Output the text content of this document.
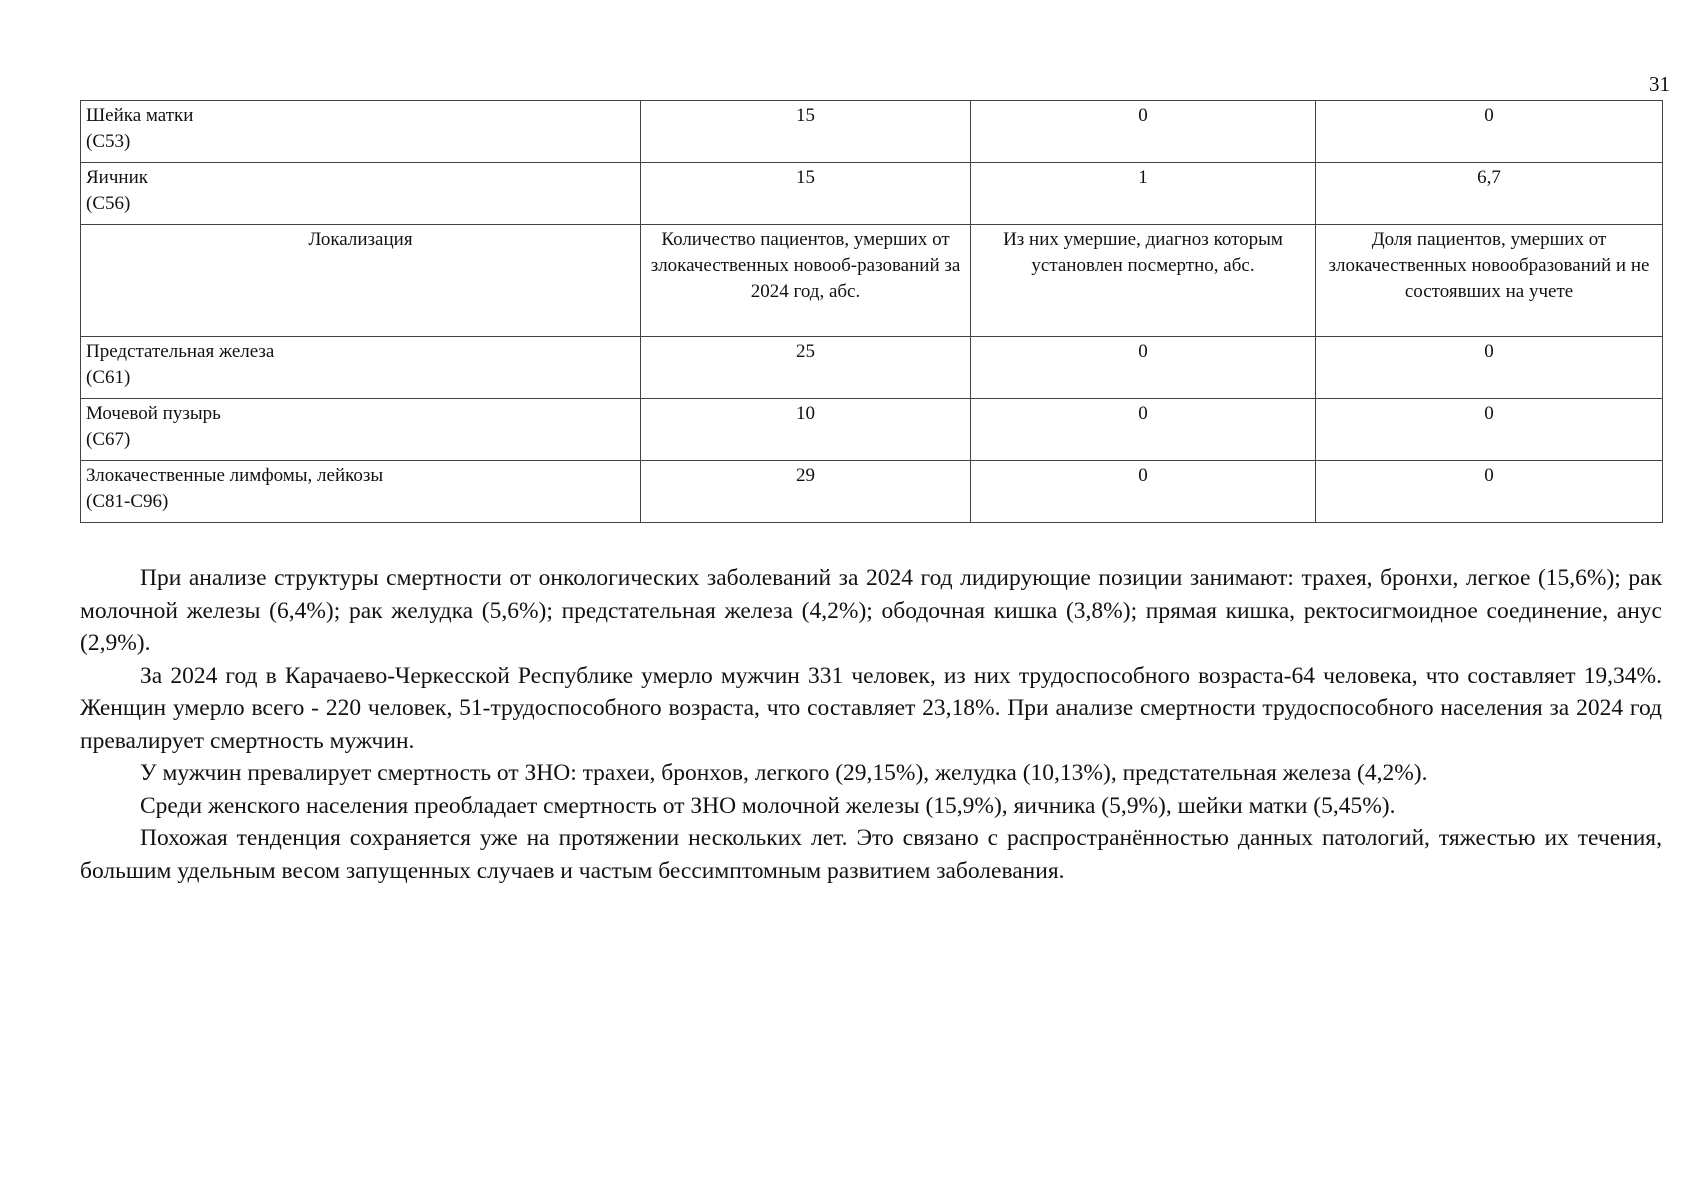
31
Шейка матки
(С53)	15	0	0

Яичник
(С56)	15	1	6,7
Локализация	Количество пациентов, умерших от злокачественных новооб-разований за 2024 год, абс.	Из них умершие, диагноз которым установлен посмертно, абс.	Доля пациентов, умерших от злокачественных новообразований и не состоявших на учете

Предстательная железа
(С61)	25	0	0

Мочевой пузырь
(С67)	10	0	0

Злокачественные лимфомы, лейкозы
(С81-С96)	29	0	0

При анализе структуры смертности от онкологических заболеваний за 2024 год лидирующие позиции занимают: трахея, бронхи, легкое (15,6%); рак молочной железы (6,4%); рак желудка (5,6%); предстательная железа (4,2%); ободочная кишка (3,8%); прямая кишка, ректосигмоидное соединение, анус (2,9%).

За 2024 год в Карачаево-Черкесской Республике умерло мужчин 331 человек, из них трудоспособного возраста-64 человека, что составляет 19,34%. Женщин умерло всего - 220 человек, 51-трудоспособного возраста, что составляет 23,18%. При анализе смертности трудоспособного населения за 2024 год превалирует смертность мужчин.

У мужчин превалирует смертность от ЗНО: трахеи, бронхов, легкого (29,15%), желудка (10,13%), предстательная железа (4,2%).

Среди женского населения преобладает смертность от ЗНО молочной железы (15,9%), яичника (5,9%), шейки матки (5,45%).

Похожая тенденция сохраняется уже на протяжении нескольких лет. Это связано с распространённостью данных патологий, тяжестью их течения, большим удельным весом запущенных случаев и частым бессимптомным развитием заболевания.
